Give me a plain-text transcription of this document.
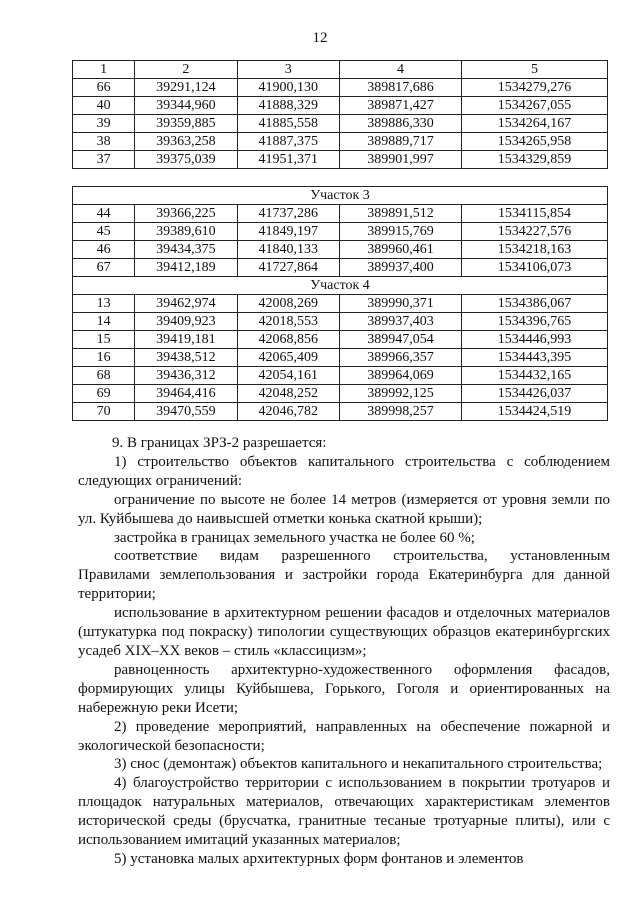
12
1	2	3	4	5
66	39291,124	41900,130	389817,686	1534279,276
40	39344,960	41888,329	389871,427	1534267,055
39	39359,885	41885,558	389886,330	1534264,167
38	39363,258	41887,375	389889,717	1534265,958
37	39375,039	41951,371	389901,997	1534329,859
Участок 3				
44	39366,225	41737,286	389891,512	1534115,854
45	39389,610	41849,197	389915,769	1534227,576
46	39434,375	41840,133	389960,461	1534218,163
67	39412,189	41727,864	389937,400	1534106,073
Участок 4				
13	39462,974	42008,269	389990,371	1534386,067
14	39409,923	42018,553	389937,403	1534396,765
15	39419,181	42068,856	389947,054	1534446,993
16	39438,512	42065,409	389966,357	1534443,395
68	39436,312	42054,161	389964,069	1534432,165
69	39464,416	42048,252	389992,125	1534426,037
70	39470,559	42046,782	389998,257	1534424,519

9. В границах ЗРЗ-2 разрешается:

1) строительство объектов капитального строительства с соблюдением следующих ограничений:

ограничение по высоте не более 14 метров (измеряется от уровня земли по ул. Куйбышева до наивысшей отметки конька скатной крыши);

застройка в границах земельного участка не более 60 %;

соответствие видам разрешенного строительства, установленным Правилами землепользования и застройки города Екатеринбурга для данной территории;

использование в архитектурном решении фасадов и отделочных материалов (штукатурка под покраску) типологии существующих образцов екатеринбургских усадеб XIX–XX веков – стиль «классицизм»;

равноценность архитектурно-художественного оформления фасадов, формирующих улицы Куйбышева, Горького, Гоголя и ориентированных на набережную реки Исети;

2) проведение мероприятий, направленных на обеспечение пожарной и экологической безопасности;

3) снос (демонтаж) объектов капитального и некапитального строительства;

4) благоустройство территории с использованием в покрытии тротуаров и площадок натуральных материалов, отвечающих характеристикам элементов исторической среды (брусчатка, гранитные тесаные тротуарные плиты), или с использованием имитаций указанных материалов;

5) установка малых архитектурных форм фонтанов и элементов
